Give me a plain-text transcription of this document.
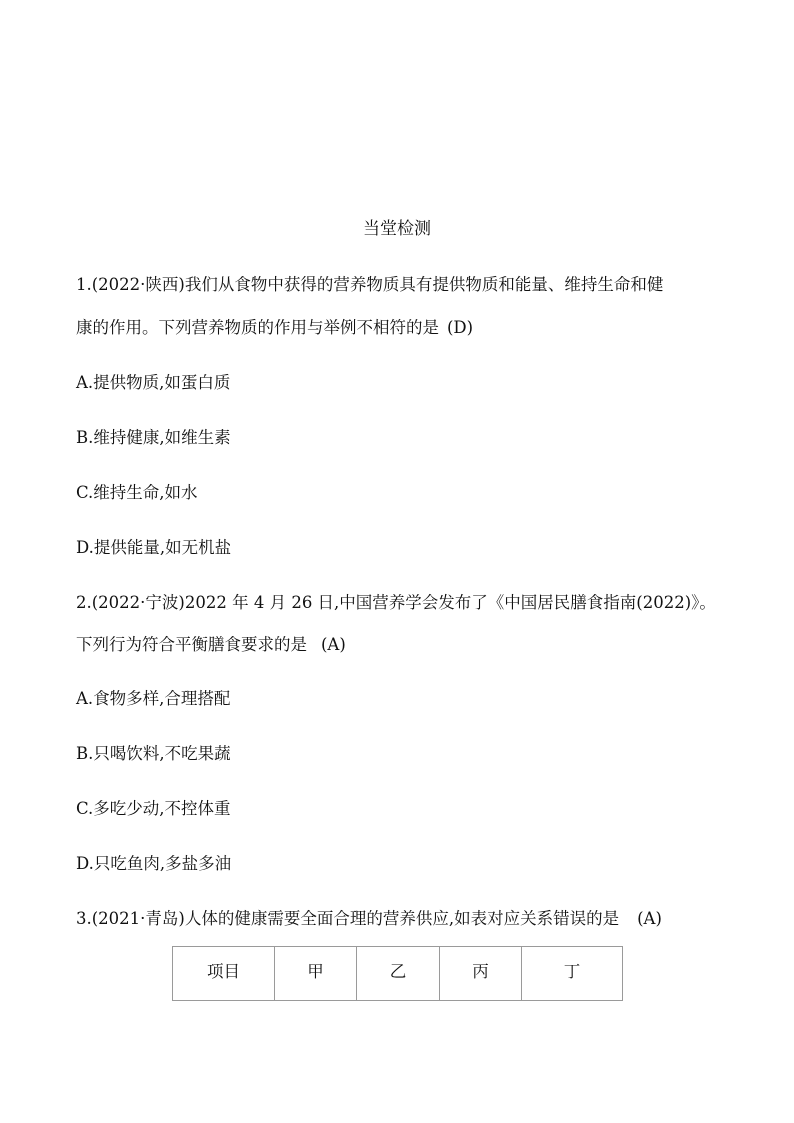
当堂检测
1.(2022·陕西)我们从食物中获得的营养物质具有提供物质和能量、维持生命和健
康的作用。下列营养物质的作用与举例不相符的是 (D)
A.提供物质,如蛋白质
B.维持健康,如维生素
C.维持生命,如水
D.提供能量,如无机盐
2.(2022·宁波)2022 年 4 月 26 日,中国营养学会发布了《中国居民膳食指南(2022)》。
下列行为符合平衡膳食要求的是 (A)
A.食物多样,合理搭配
B.只喝饮料,不吃果蔬
C.多吃少动,不控体重
D.只吃鱼肉,多盐多油
3.(2021·青岛)人体的健康需要全面合理的营养供应,如表对应关系错误的是 (A)
项目	甲	乙	丙	丁
